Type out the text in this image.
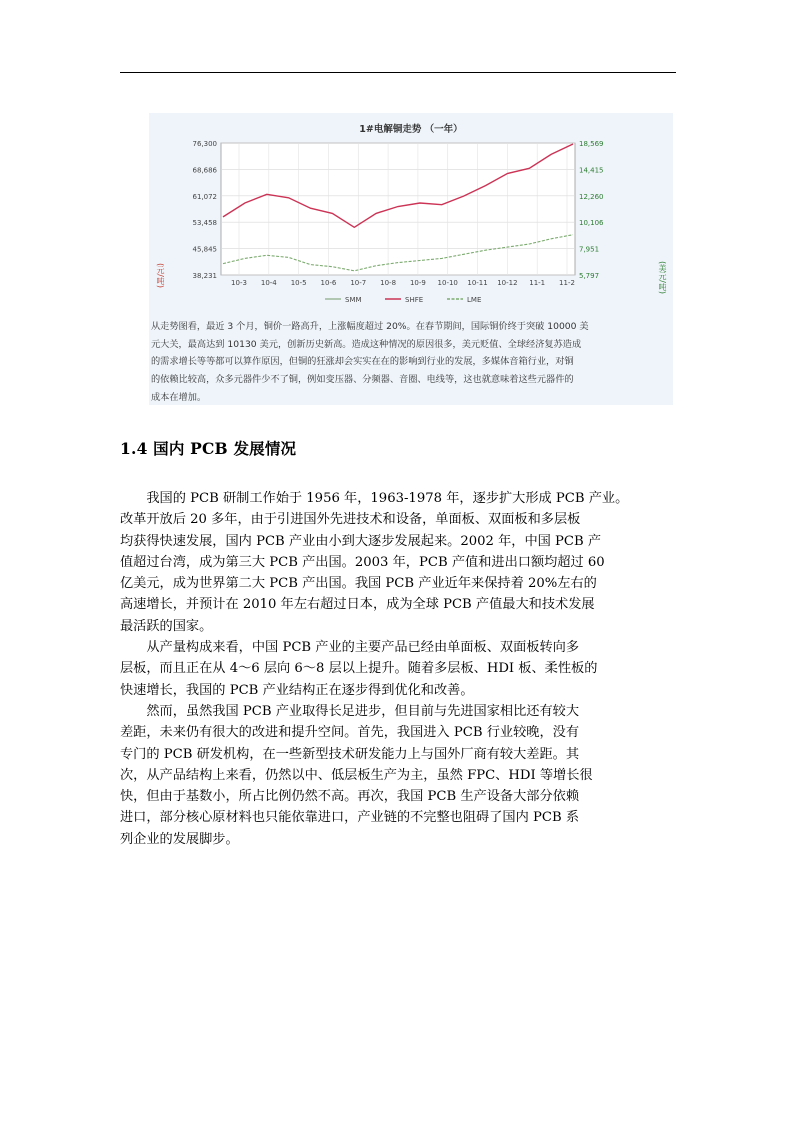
76,300	18,569
68,686	14,415
61,072	12,260
53,458	10,106
45,845	7,951
38,231	5,797
10-3 10-4 10-5 10-6 10-7 10-8 10-9 10-10 10-11 10-12 11-1 11-2
SMM	SHFE	LME
1#电解铜走势 （一年）
(元/吨)	(美元/吨)
从走势图看，最近 3 个月，铜价一路高升，上涨幅度超过 20%。在春节期间，国际铜价终于突破 10000 美
元大关，最高达到 10130 美元，创新历史新高。造成这种情况的原因很多，美元贬值、全球经济复苏造成
的需求增长等等都可以算作原因，但铜的狂涨却会实实在在的影响到行业的发展，多媒体音箱行业，对铜
的依赖比较高，众多元器件少不了铜，例如变压器、分频器、音圈、电线等，这也就意味着这些元器件的
成本在增加。
1.4 国内 PCB 发展情况
　　我国的 PCB 研制工作始于 1956 年，1963-1978 年，逐步扩大形成 PCB 产业。
改革开放后 20 多年，由于引进国外先进技术和设备，单面板、双面板和多层板
均获得快速发展，国内 PCB 产业由小到大逐步发展起来。2002 年，中国 PCB 产
值超过台湾，成为第三大 PCB 产出国。2003 年，PCB 产值和进出口额均超过 60
亿美元，成为世界第二大 PCB 产出国。我国 PCB 产业近年来保持着 20%左右的
高速增长，并预计在 2010 年左右超过日本，成为全球 PCB 产值最大和技术发展
最活跃的国家。
　　从产量构成来看，中国 PCB 产业的主要产品已经由单面板、双面板转向多
层板，而且正在从 4～6 层向 6～8 层以上提升。随着多层板、HDI 板、柔性板的
快速增长，我国的 PCB 产业结构正在逐步得到优化和改善。
　　然而，虽然我国 PCB 产业取得长足进步，但目前与先进国家相比还有较大
差距，未来仍有很大的改进和提升空间。首先，我国进入 PCB 行业较晚，没有
专门的 PCB 研发机构，在一些新型技术研发能力上与国外厂商有较大差距。其
次，从产品结构上来看，仍然以中、低层板生产为主，虽然 FPC、HDI 等增长很
快，但由于基数小，所占比例仍然不高。再次，我国 PCB 生产设备大部分依赖
进口，部分核心原材料也只能依靠进口，产业链的不完整也阻碍了国内 PCB 系
列企业的发展脚步。
